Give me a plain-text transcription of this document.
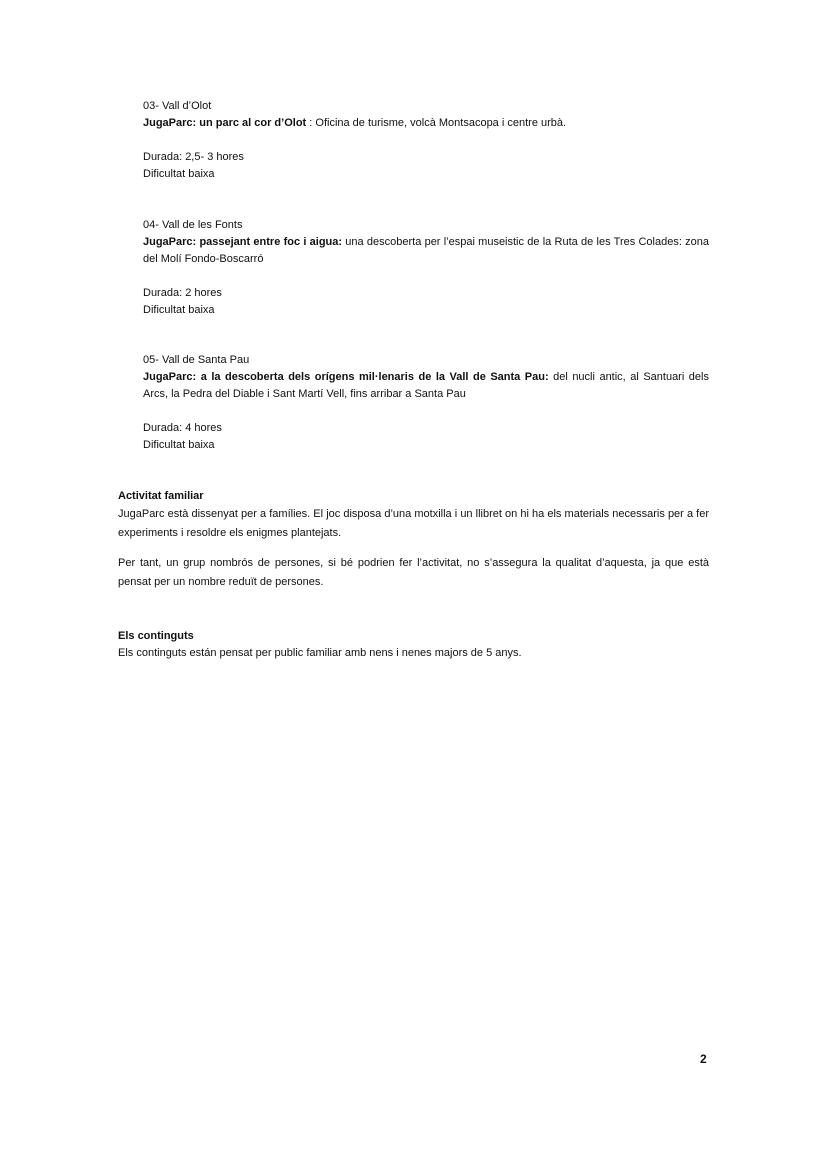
03- Vall d’Olot
JugaParc: un parc al cor d’Olot : Oficina de turisme, volcà Montsacopa i centre urbà.
Durada: 2,5- 3 hores
Dificultat baixa
04- Vall de les Fonts
JugaParc: passejant entre foc i aigua: una descoberta per l’espai museistic de la Ruta de les Tres Colades: zona del Molí Fondo-Boscarró
Durada: 2 hores
Dificultat baixa
05- Vall de Santa Pau
JugaParc: a la descoberta dels orígens mil·lenaris de la Vall de Santa Pau: del nucli antic, al Santuari dels Arcs, la Pedra del Diable i Sant Martí Vell, fins arribar a Santa Pau
Durada: 4 hores
Dificultat baixa
Activitat familiar

JugaParc està dissenyat per a famílies. El joc disposa d’una motxilla i un llibret on hi ha els materials necessaris per a fer experiments i resoldre els enigmes plantejats.

Per tant, un grup nombrós de persones, si bé podrien fer l’activitat, no s’assegura la qualitat d’aquesta, ja que està pensat per un nombre reduït de persones.

Els continguts

Els continguts están pensat per public familiar amb nens i nenes majors de 5 anys.

2
